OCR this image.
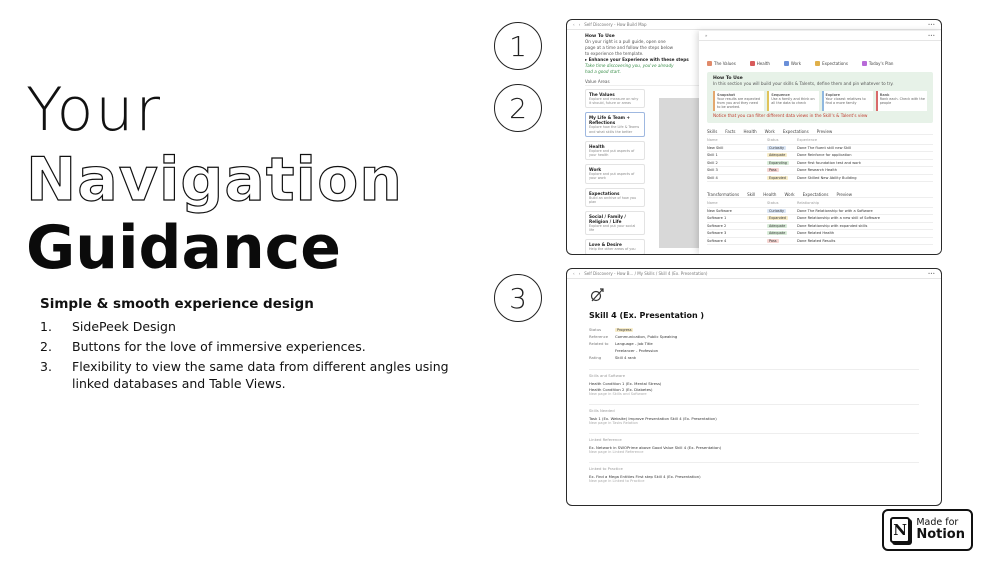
Your
Navigation
Guidance
Simple & smooth experience design
1.	SidePeek Design
2.	Buttons for the love of immersive experiences.
3.	Flexibility to view the same data from different angles using linked databases and Table Views.
1
2
3
‹ › Self Discovery - How Build Map	•••
How To Use
On your right is a pull guide, open one page at a time and follow the steps below to experience the template.
▸ Enhance your Experience with these steps
Take time discovering you, you've already had a good start.
Value Areas
The Values
Explore and measure on why it should, future or areas
My Life & Team + Reflections
Explore how the Life & Teams and what skills the better
Health
Explore and put aspects of your health
Work
Explore and put aspects of your work
Expectations
Build an archive of how you plan
Social / Family / Religion / Life
Explore and put your social life
Love & Desire
Help the other areas of you
»	•••
The Values	Health	Work	Expectations	Today's Plan
How To Use
In this section you will build your skills & Talents, define them and pin whatever to try.
Snapshot
Your results are expected from you and they need to be worked.
Sequence
Use a family and think on all the data to check
Explore
Your closest relatives to find a more family
Rank
Rank each. Check with the people
Notice that you can filter different data views in the Skill's & Talent's view
Skills Facts Health Work Expectations Preview
Name	Status	Experience
New Skill	Curiosity	Done The fluent skill new Skill
Skill 1	Adequate	Done Reinforce for application
Skill 2	Expanding	Done first foundation test and work
Skill 3	Pass	Done Research Health
Skill 4	Expanded	Done Skilled New Ability Building
Transformations Skill Health Work Expectations Preview
Name	Status	Relationship
New Software	Curiosity	Done The Relationship for with a Software
Software 1	Expanded	Done Relationship with a new skill of Software
Software 2	Adequate	Done Relationship with expanded skills
Software 3	Adequate	Done Related Health
Software 4	Pass	Done Related Results
‹ › Self Discovery - How B... / My Skills / Skill 4 (Ex. Presentation)	•••
Skill 4 (Ex. Presentation )
Status	Progress
Reference	Communication, Public Speaking
Related to	Language - Job Title
Freelancer - Profession
Rating	Skill 4 rank
Skills and Software
Health Condition 1 (Ex. Mental Stress)
Health Condition 2 (Ex. Diabetes)
New page in Skills and Software
Skills Needed
Task 1 (Ex. Website) Improve Presentation Skill 4 (Ex. Presentation)
New page in Tasks Relation
Linked Reference
Ex. Network in SWOPrime above Good Value Skill 4 (Ex. Presentation)
New page in Linked Reference
Linked to Practice
Ex. Find a Mega Entities First step Skill 4 (Ex. Presentation)
New page in Linked to Practice
N Made for
Notion
